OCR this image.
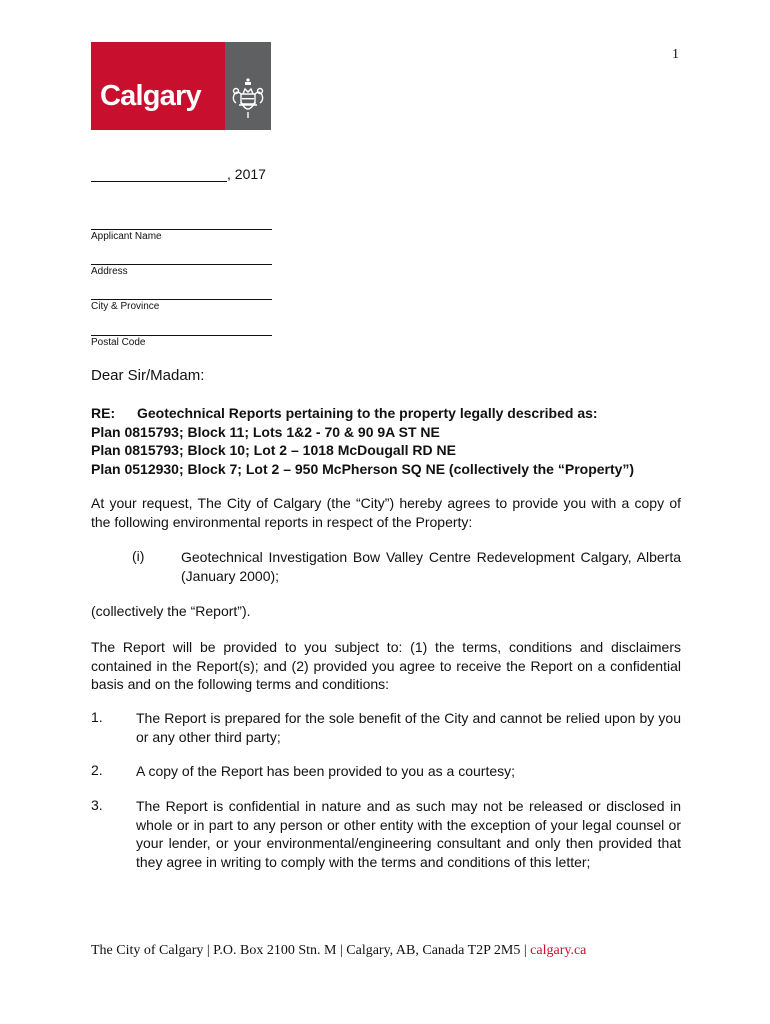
1
Calgary
, 2017
Applicant Name
Address
City & Province
Postal Code
Dear Sir/Madam:
RE: Geotechnical Reports pertaining to the property legally described as:
Plan 0815793; Block 11; Lots 1&2 - 70 & 90 9A ST NE
Plan 0815793; Block 10; Lot 2 – 1018 McDougall RD NE
Plan 0512930; Block 7; Lot 2 – 950 McPherson SQ NE (collectively the “Property”)
At your request, The City of Calgary (the “City”) hereby agrees to provide you with a copy of the following environmental reports in respect of the Property:
(i)	Geotechnical Investigation Bow Valley Centre Redevelopment Calgary, Alberta (January 2000);
(collectively the “Report”).
The Report will be provided to you subject to: (1) the terms, conditions and disclaimers contained in the Report(s); and (2) provided you agree to receive the Report on a confidential basis and on the following terms and conditions:
1. The Report is prepared for the sole benefit of the City and cannot be relied upon by you or any other third party;
2. A copy of the Report has been provided to you as a courtesy;
3. The Report is confidential in nature and as such may not be released or disclosed in whole or in part to any person or other entity with the exception of your legal counsel or your lender, or your environmental/engineering consultant and only then provided that they agree in writing to comply with the terms and conditions of this letter;
The City of Calgary | P.O. Box 2100 Stn. M | Calgary, AB, Canada T2P 2M5 | calgary.ca
